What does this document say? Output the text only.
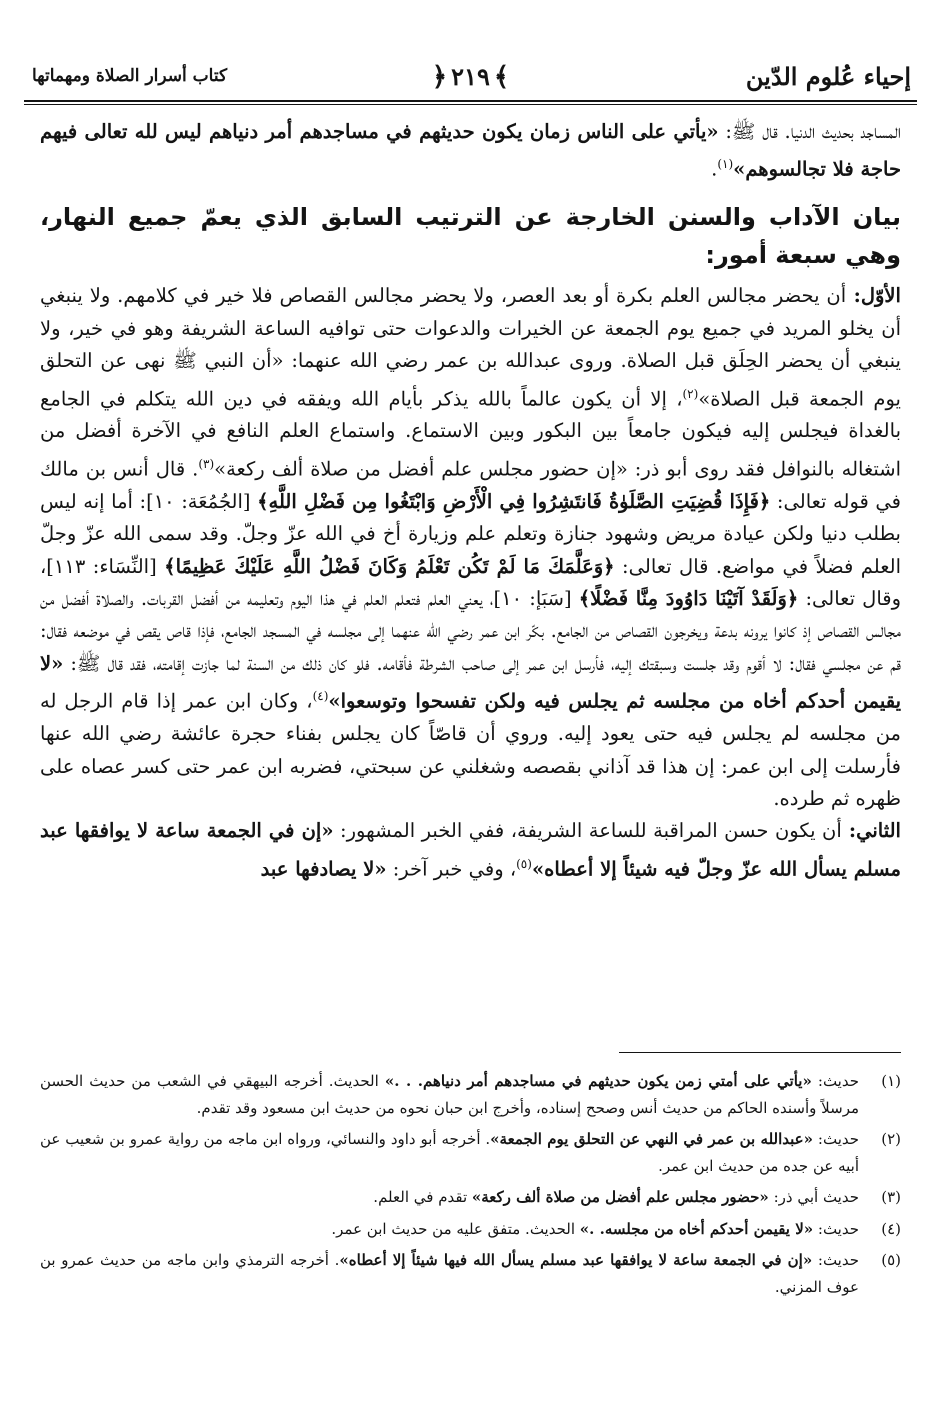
إحياء عُلوم الدّين
﴾٢١٩﴿
كتاب أسرار الصلاة ومهماتها

المساجد بحديث الدنيا. قال ﷺ: «يأتي على الناس زمان يكون حديثهم في مساجدهم أمر دنياهم ليس لله تعالى فيهم حاجة فلا تجالسوهم»$^{(١)}$.

بيان الآداب والسنن الخارجة عن الترتيب السابق الذي يعمّ جميع النهار، وهي سبعة أمور:

الأوّل: أن يحضر مجالس العلم بكرة أو بعد العصر، ولا يحضر مجالس القصاص فلا خير في كلامهم. ولا ينبغي أن يخلو المريد في جميع يوم الجمعة عن الخيرات والدعوات حتى توافيه الساعة الشريفة وهو في خير، ولا ينبغي أن يحضر الحِلَق قبل الصلاة. وروى عبدالله بن عمر رضي الله عنهما: «أن النبي ﷺ نهى عن التحلق يوم الجمعة قبل الصلاة»$^{(٢)}$، إلا أن يكون عالماً بالله يذكر بأيام الله ويفقه في دين الله يتكلم في الجامع بالغداة فيجلس إليه فيكون جامعاً بين البكور وبين الاستماع. واستماع العلم النافع في الآخرة أفضل من اشتغاله بالنوافل فقد روى أبو ذر: «إن حضور مجلس علم أفضل من صلاة ألف ركعة»$^{(٣)}$. قال أنس بن مالك في قوله تعالى: ﴿فَإِذَا قُضِيَتِ الصَّلَوٰةُ فَانتَشِرُوا فِي الْأَرْضِ وَابْتَغُوا مِن فَضْلِ اللَّهِ﴾ [الجُمُعَة: ١٠]: أما إنه ليس بطلب دنيا ولكن عيادة مريض وشهود جنازة وتعلم علم وزيارة أخ في الله عزّ وجلّ. وقد سمى الله عزّ وجلّ العلم فضلاً في مواضع. قال تعالى: ﴿وَعَلَّمَكَ مَا لَمْ تَكُن تَعْلَمُ وَكَانَ فَضْلُ اللَّهِ عَلَيْكَ عَظِيمًا﴾ [النِّسَاء: ١١٣]، وقال تعالى: ﴿وَلَقَدْ آتَيْنَا دَاوُودَ مِنَّا فَضْلًا﴾ [سَبَإ: ١٠]، يعني العلم فتعلم العلم في هذا اليوم وتعليمه من أفضل القربات. والصلاة أفضل من مجالس القصاص إذ كانوا يرونه بدعة ويخرجون القصاص من الجامع. بكّر ابن عمر رضي الله عنهما إلى مجلسه في المسجد الجامع، فإذا قاص يقص في موضعه فقال: قم عن مجلسي فقال: لا أقوم وقد جلست وسبقتك إليه، فأرسل ابن عمر إلى صاحب الشرطة فأقامه. فلو كان ذلك من السنة لما جازت إقامته، فقد قال ﷺ: «لا يقيمن أحدكم أخاه من مجلسه ثم يجلس فيه ولكن تفسحوا وتوسعوا»$^{(٤)}$، وكان ابن عمر إذا قام الرجل له من مجلسه لم يجلس فيه حتى يعود إليه. وروي أن قاصّاً كان يجلس بفناء حجرة عائشة رضي الله عنها فأرسلت إلى ابن عمر: إن هذا قد آذاني بقصصه وشغلني عن سبحتي، فضربه ابن عمر حتى كسر عصاه على ظهره ثم طرده.

الثاني: أن يكون حسن المراقبة للساعة الشريفة، ففي الخبر المشهور: «إن في الجمعة ساعة لا يوافقها عبد مسلم يسأل الله عزّ وجلّ فيه شيئاً إلا أعطاه»$^{(٥)}$، وفي خبر آخر: «لا يصادفها عبد

(١)
حديث: «يأتي على أمتي زمن يكون حديثهم في مساجدهم أمر دنياهم. . .» الحديث. أخرجه البيهقي في الشعب من حديث الحسن مرسلاً وأسنده الحاكم من حديث أنس وصحح إسناده، وأخرج ابن حبان نحوه من حديث ابن مسعود وقد تقدم.
(٢)
حديث: «عبدالله بن عمر في النهي عن التحلق يوم الجمعة». أخرجه أبو داود والنسائي، ورواه ابن ماجه من رواية عمرو بن شعيب عن أبيه عن جده من حديث ابن عمر.
(٣)
حديث أبي ذر: «حضور مجلس علم أفضل من صلاة ألف ركعة» تقدم في العلم.
(٤)
حديث: «لا يقيمن أحدكم أخاه من مجلسه. .» الحديث. متفق عليه من حديث ابن عمر.
(٥)
حديث: «إن في الجمعة ساعة لا يوافقها عبد مسلم يسأل الله فيها شيئاً إلا أعطاه». أخرجه الترمذي وابن ماجه من حديث عمرو بن عوف المزني.
